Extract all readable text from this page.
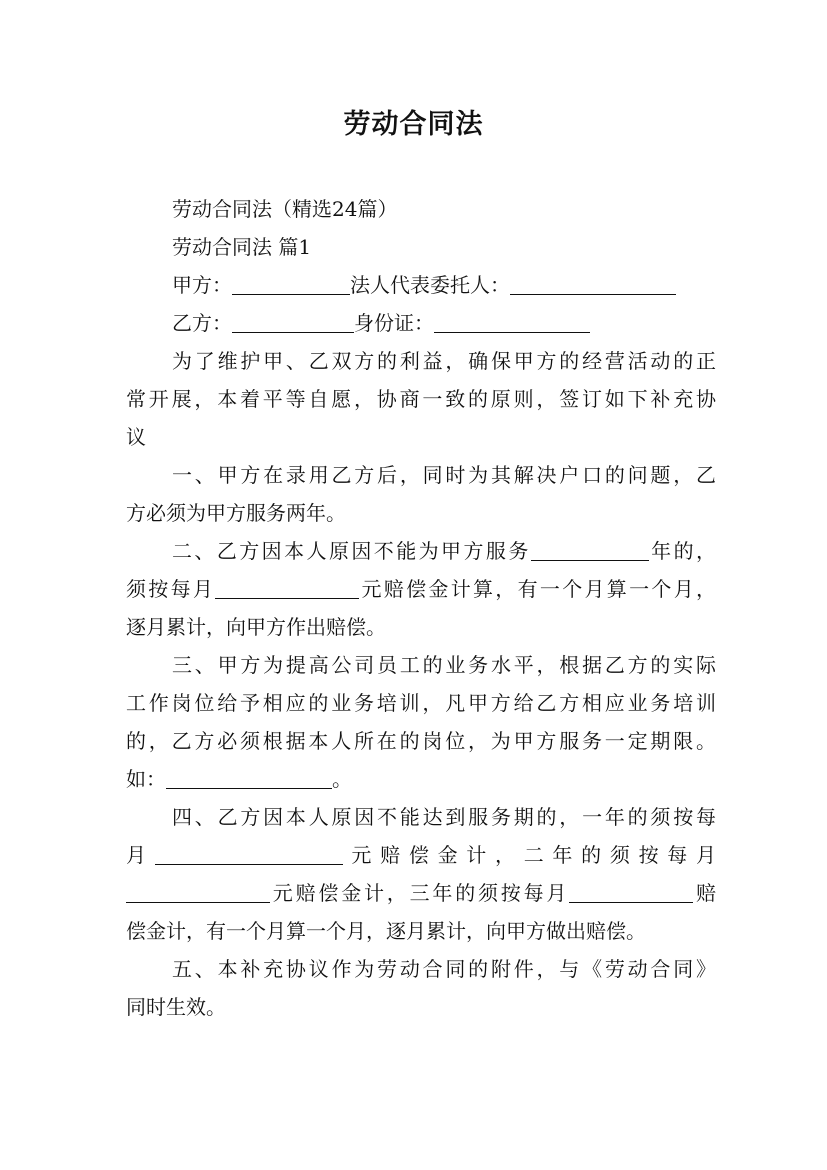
劳动合同法
劳动合同法（精选24篇）
劳动合同法 篇1
甲方：	法人代表委托人：
乙方：	身份证：
为了维护甲、乙双方的利益，确保甲方的经营活动的正
常开展，本着平等自愿，协商一致的原则，签订如下补充协
议
一、甲方在录用乙方后，同时为其解决户口的问题，乙
方必须为甲方服务两年。
二、乙方因本人原因不能为甲方服务	年的，
须按每月	元赔偿金计算，有一个月算一个月，
逐月累计，向甲方作出赔偿。
三、甲方为提高公司员工的业务水平，根据乙方的实际
工作岗位给予相应的业务培训，凡甲方给乙方相应业务培训
的，乙方必须根据本人所在的岗位，为甲方服务一定期限。
如：	。
四、乙方因本人原因不能达到服务期的，一年的须按每
月	元赔偿金计，二年的须按每月
元赔偿金计，三年的须按每月	赔
偿金计，有一个月算一个月，逐月累计，向甲方做出赔偿。
五、本补充协议作为劳动合同的附件，与《劳动合同》
同时生效。
